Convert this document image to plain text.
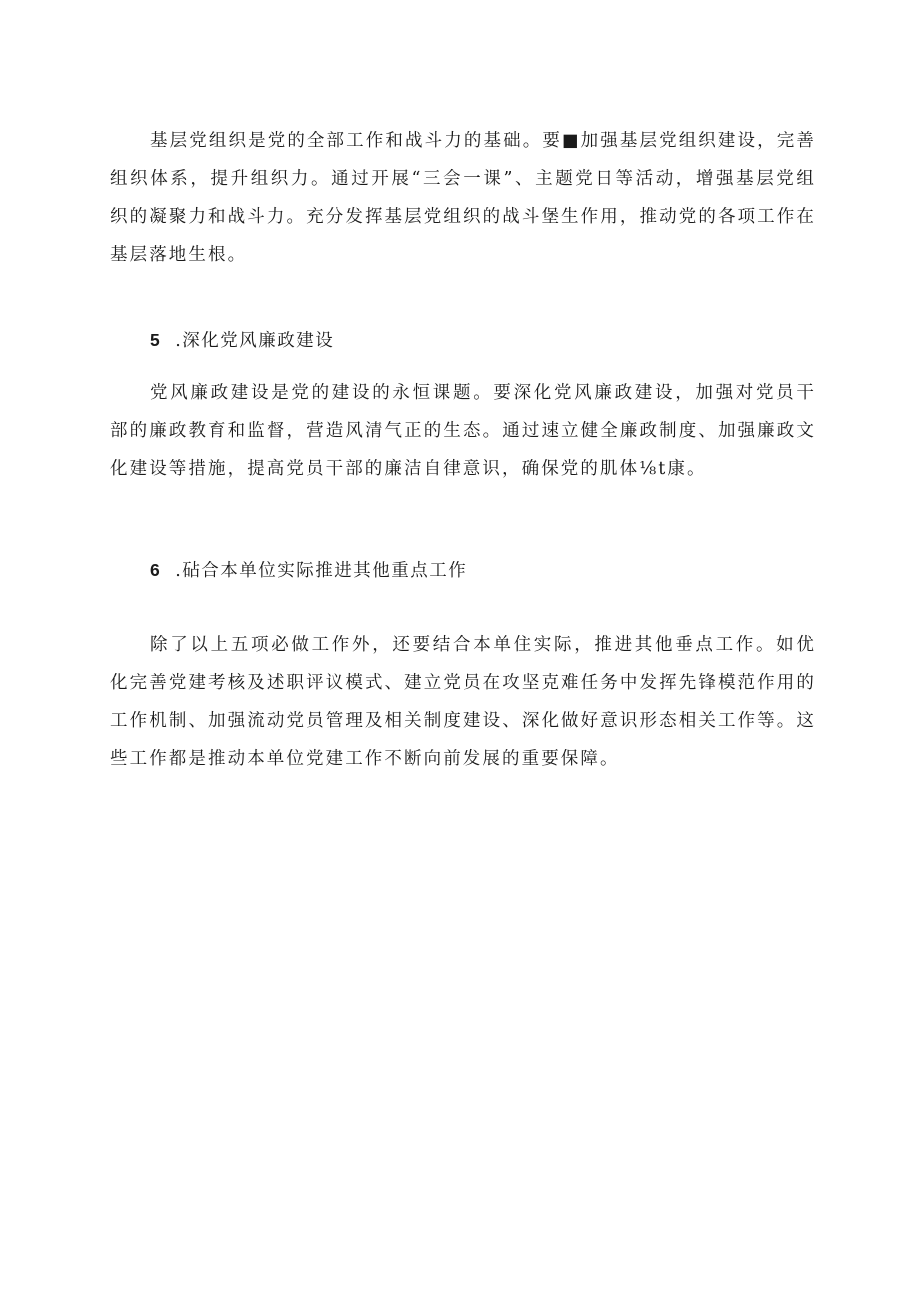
基层党组织是党的全部工作和战斗力的基础。要■加强基层党组织建设，完善组织体系，提升组织力。通过开展“三会一课”、主题党日等活动，增强基层党组织的凝聚力和战斗力。充分发挥基层党组织的战斗堡生作用，推动党的各项工作在基层落地生根。

5 .深化党风廉政建设

党风廉政建设是党的建设的永恒课题。要深化党风廉政建设，加强对党员干部的廉政教育和监督，营造风清气正的生态。通过速立健全廉政制度、加强廉政文化建设等措施，提高党员干部的廉洁自律意识，确保党的肌体⅛t康。

6 .砧合本单位实际推进其他重点工作

除了以上五项必做工作外，还要结合本单住实际，推进其他垂点工作。如优化完善党建考核及述职评议模式、建立党员在攻坚克难任务中发挥先锋模范作用的工作机制、加强流动党员管理及相关制度建设、深化做好意识形态相关工作等。这些工作都是推动本单位党建工作不断向前发展的重要保障。
